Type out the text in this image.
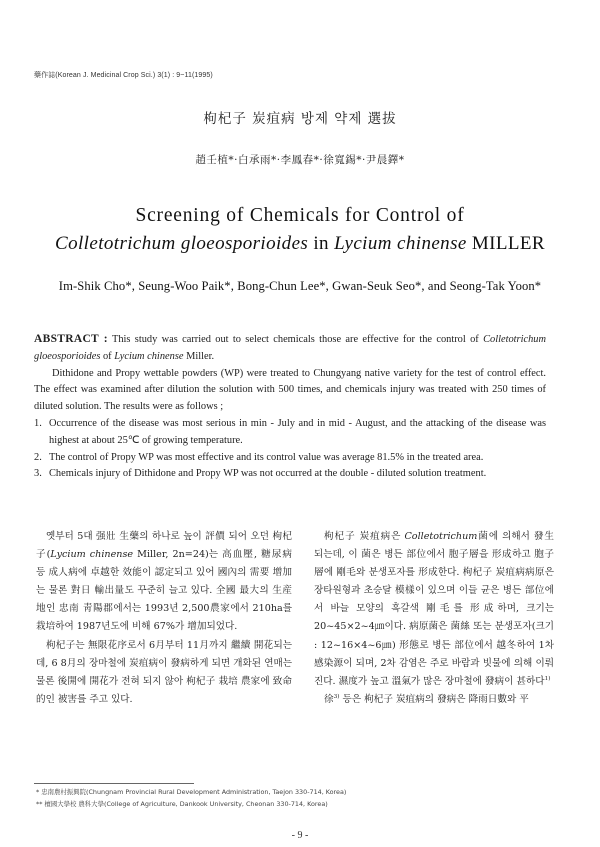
藥作誌(Korean J. Medicinal Crop Sci.) 3(1) : 9~11(1995)
枸杞子 炭疽病 방제 약제 選拔
趙壬植*·白承雨*·李鳳春*·徐寬錫*·尹晨鐸*
Screening of Chemicals for Control of
Colletotrichum gloeosporioides in Lycium chinense MILLER
Im-Shik Cho*, Seung-Woo Paik*, Bong-Chun Lee*, Gwan-Seuk Seo*, and Seong-Tak Yoon*

ABSTRACT : This study was carried out to select chemicals those are effective for the control of Colletotrichum gloeosporioides of Lycium chinense Miller.

Dithidone and Propy wettable powders (WP) were treated to Chungyang native variety for the test of control effect. The effect was examined after dilution the solution with 500 times, and chemicals injury was treated with 250 times of diluted solution. The results were as follows ;

1. Occurrence of the disease was most serious in min - July and in mid - August, and the attacking of the disease was highest at about 25℃ of growing temperature.
2. The control of Propy WP was most effective and its control value was average 81.5% in the treated area.
3. Chemicals injury of Dithidone and Propy WP was not occurred at the double - diluted solution treatment.

옛부터 5대 强壯 生藥의 하나로 높이 評價 되어 오던 枸杞子(Lycium chinense Miller, 2n=24)는 高血壓, 糖尿病 등 成人病에 卓越한 效能이 認定되고 있어 國內의 需要 增加는 물론 對日 輸出量도 꾸준히 늘고 있다. 全國 最大의 生産地인 忠南 靑陽郡에서는 1993년 2,500農家에서 210ha를 栽培하여 1987년도에 비해 67%가 增加되었다.

枸杞子는 無限花序로서 6月부터 11月까지 繼續 開花되는데, 6 8月의 장마철에 炭疽病이 發病하게 되면 개화된 연매는 물론 後開에 開花가 전혀 되지 않아 枸杞子 栽培 農家에 致命的인 被害를 주고 있다.

枸杞子 炭疽病은 Colletotrichum菌에 의해서 發生 되는데, 이 菌은 병든 部位에서 胞子層을 形成하고 胞子層에 剛毛와 분생포자를 形成한다. 枸杞子 炭疽病病原은 장타원형과 초승달 模樣이 있으며 이들 균은 병든 部位에서 바늘 모양의 흑갈색 剛毛를 形成하며, 크기는 20~45×2~4㎛이다. 病原菌은 菌絲 또는 분생포자(크기 : 12~16×4~6㎛) 形態로 병든 部位에서 越冬하여 1차 感染源이 되며, 2차 감염은 주로 바람과 빗물에 의해 이뤄진다. 濕度가 높고 溫氣가 많은 장마철에 發病이 甚하다$^{1)}$

徐$^{3)}$ 등은 枸杞子 炭疽病의 發病은 降雨日數와 平

* 忠南農村振興院(Chungnam Provincial Rural Development Administration, Taejon 330-714, Korea)
** 檀國大學校 農科大學(College of Agriculture, Dankook University, Cheonan 330-714, Korea)
- 9 -
